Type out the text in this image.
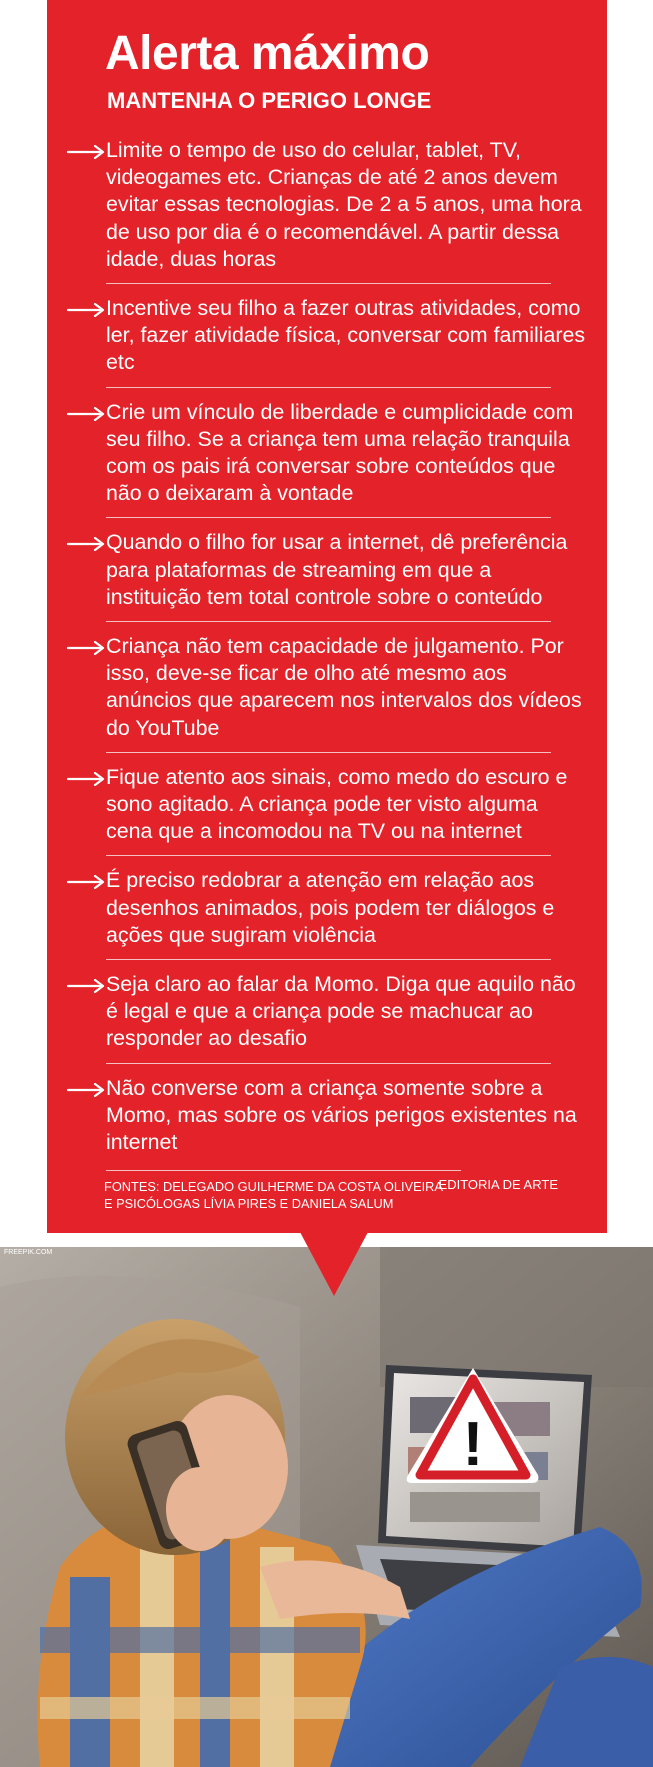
Alerta máximo
MANTENHA O PERIGO LONGE

Limite o tempo de uso do celular, tablet, TV, videogames etc. Crianças de até 2 anos devem evitar essas tecnologias. De 2 a 5 anos, uma hora de uso por dia é o recomendável. A partir dessa idade, duas horas

Incentive seu filho a fazer outras atividades, como ler, fazer atividade física, conversar com familiares etc

Crie um vínculo de liberdade e cumplicidade com seu filho. Se a criança tem uma relação tranquila com os pais irá conversar sobre conteúdos que não o deixaram à vontade

Quando o filho for usar a internet, dê preferência para plataformas de streaming em que a instituição tem total controle sobre o conteúdo

Criança não tem capacidade de julgamento. Por isso, deve-se ficar de olho até mesmo aos anúncios que aparecem nos intervalos dos vídeos do YouTube

Fique atento aos sinais, como medo do escuro e sono agitado. A criança pode ter visto alguma cena que a incomodou na TV ou na internet

É preciso redobrar a atenção em relação aos desenhos animados, pois podem ter diálogos e ações que sugiram violência

Seja claro ao falar da Momo. Diga que aquilo não é legal e que a criança pode se machucar ao responder ao desafio

Não converse com a criança somente sobre a Momo, mas sobre os vários perigos existentes na internet

FONTES: DELEGADO GUILHERME DA COSTA OLIVEIRA
E PSICÓLOGAS LÍVIA PIRES E DANIELA SALUM
EDITORIA DE ARTE
FREEPIK.COM
!
